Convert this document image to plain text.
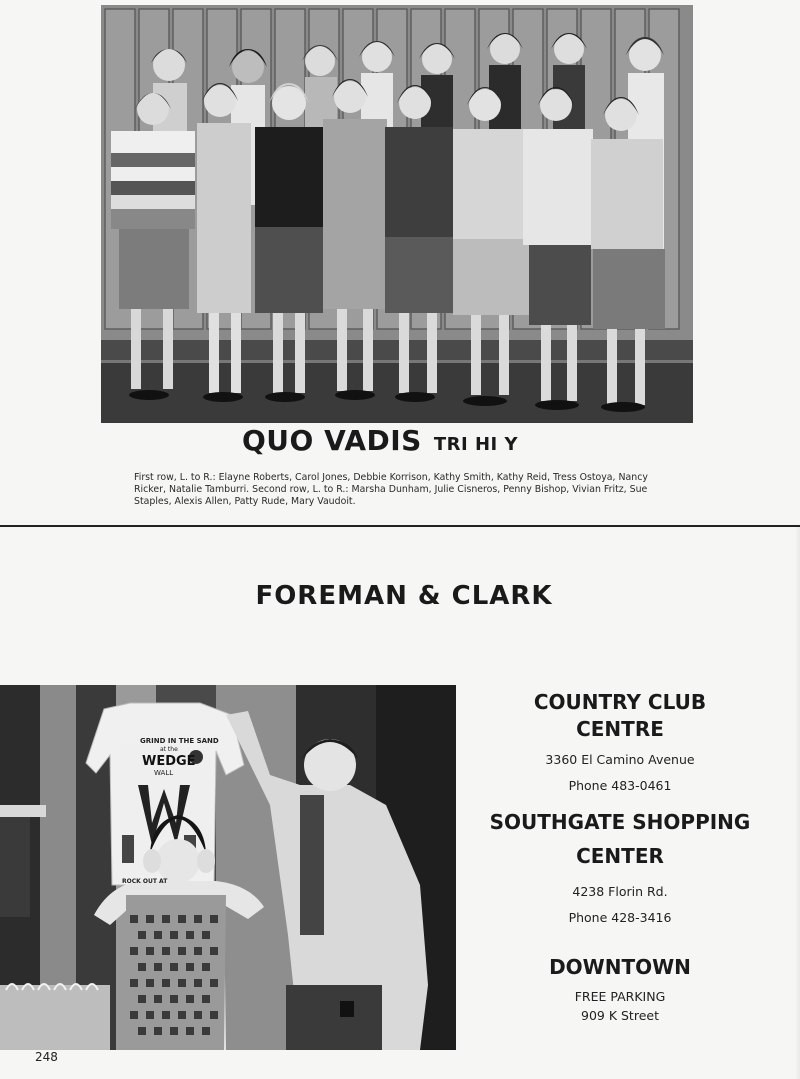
QUO VADIS TRI HI Y
First row, L. to R.: Elayne Roberts, Carol Jones, Debbie Korrison, Kathy Smith, Kathy Reid, Tress Ostoya, Nancy Ricker, Natalie Tamburri. Second row, L. to R.: Marsha Dunham, Julie Cisneros, Penny Bishop, Vivian Fritz, Sue Staples, Alexis Allen, Patty Rude, Mary Vaudoit.
FOREMAN & CLARK
GRIND IN THE SAND
at the
WEDGE
WALL
ROCK OUT AT
COUNTRY CLUB
CENTRE
3360 El Camino Avenue
Phone 483-0461
SOUTHGATE SHOPPING
CENTER
4238 Florin Rd.
Phone 428-3416
DOWNTOWN
FREE PARKING
909 K Street
248
